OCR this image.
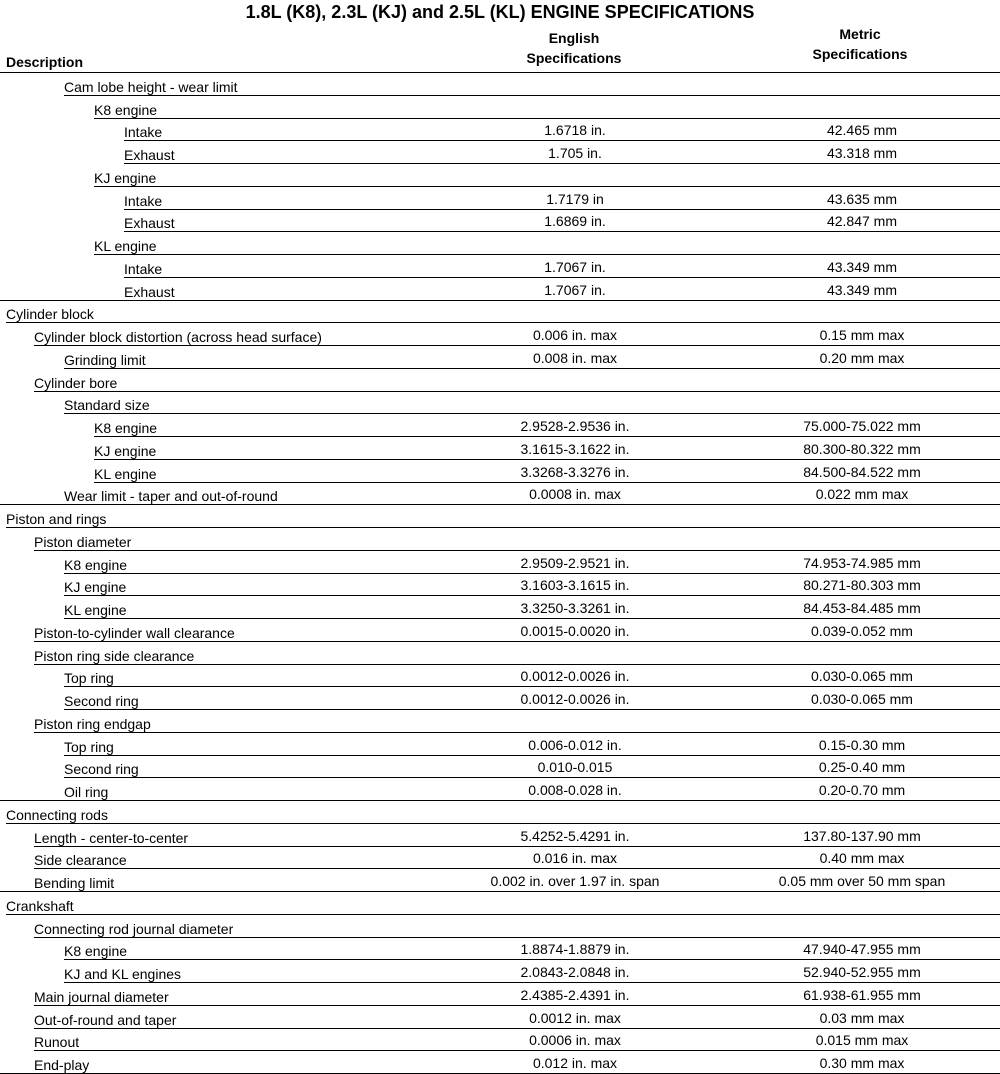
1.8L (K8), 2.3L (KJ) and 2.5L (KL) ENGINE SPECIFICATIONS
Description
English
Specifications
Metric
Specifications
Cam lobe height - wear limit
K8 engine
Intake	1.6718 in.	42.465 mm
Exhaust	1.705 in.	43.318 mm
KJ engine
Intake	1.7179 in	43.635 mm
Exhaust	1.6869 in.	42.847 mm
KL engine
Intake	1.7067 in.	43.349 mm
Exhaust	1.7067 in.	43.349 mm
Cylinder block
Cylinder block distortion (across head surface)	0.006 in. max	0.15 mm max
Grinding limit	0.008 in. max	0.20 mm max
Cylinder bore
Standard size
K8 engine	2.9528-2.9536 in.	75.000-75.022 mm
KJ engine	3.1615-3.1622 in.	80.300-80.322 mm
KL engine	3.3268-3.3276 in.	84.500-84.522 mm
Wear limit - taper and out-of-round	0.0008 in. max	0.022 mm max
Piston and rings
Piston diameter
K8 engine	2.9509-2.9521 in.	74.953-74.985 mm
KJ engine	3.1603-3.1615 in.	80.271-80.303 mm
KL engine	3.3250-3.3261 in.	84.453-84.485 mm
Piston-to-cylinder wall clearance	0.0015-0.0020 in.	0.039-0.052 mm
Piston ring side clearance
Top ring	0.0012-0.0026 in.	0.030-0.065 mm
Second ring	0.0012-0.0026 in.	0.030-0.065 mm
Piston ring endgap
Top ring	0.006-0.012 in.	0.15-0.30 mm
Second ring	0.010-0.015	0.25-0.40 mm
Oil ring	0.008-0.028 in.	0.20-0.70 mm
Connecting rods
Length - center-to-center	5.4252-5.4291 in.	137.80-137.90 mm
Side clearance	0.016 in. max	0.40 mm max
Bending limit	0.002 in. over 1.97 in. span	0.05 mm over 50 mm span
Crankshaft
Connecting rod journal diameter
K8 engine	1.8874-1.8879 in.	47.940-47.955 mm
KJ and KL engines	2.0843-2.0848 in.	52.940-52.955 mm
Main journal diameter	2.4385-2.4391 in.	61.938-61.955 mm
Out-of-round and taper	0.0012 in. max	0.03 mm max
Runout	0.0006 in. max	0.015 mm max
End-play	0.012 in. max	0.30 mm max
